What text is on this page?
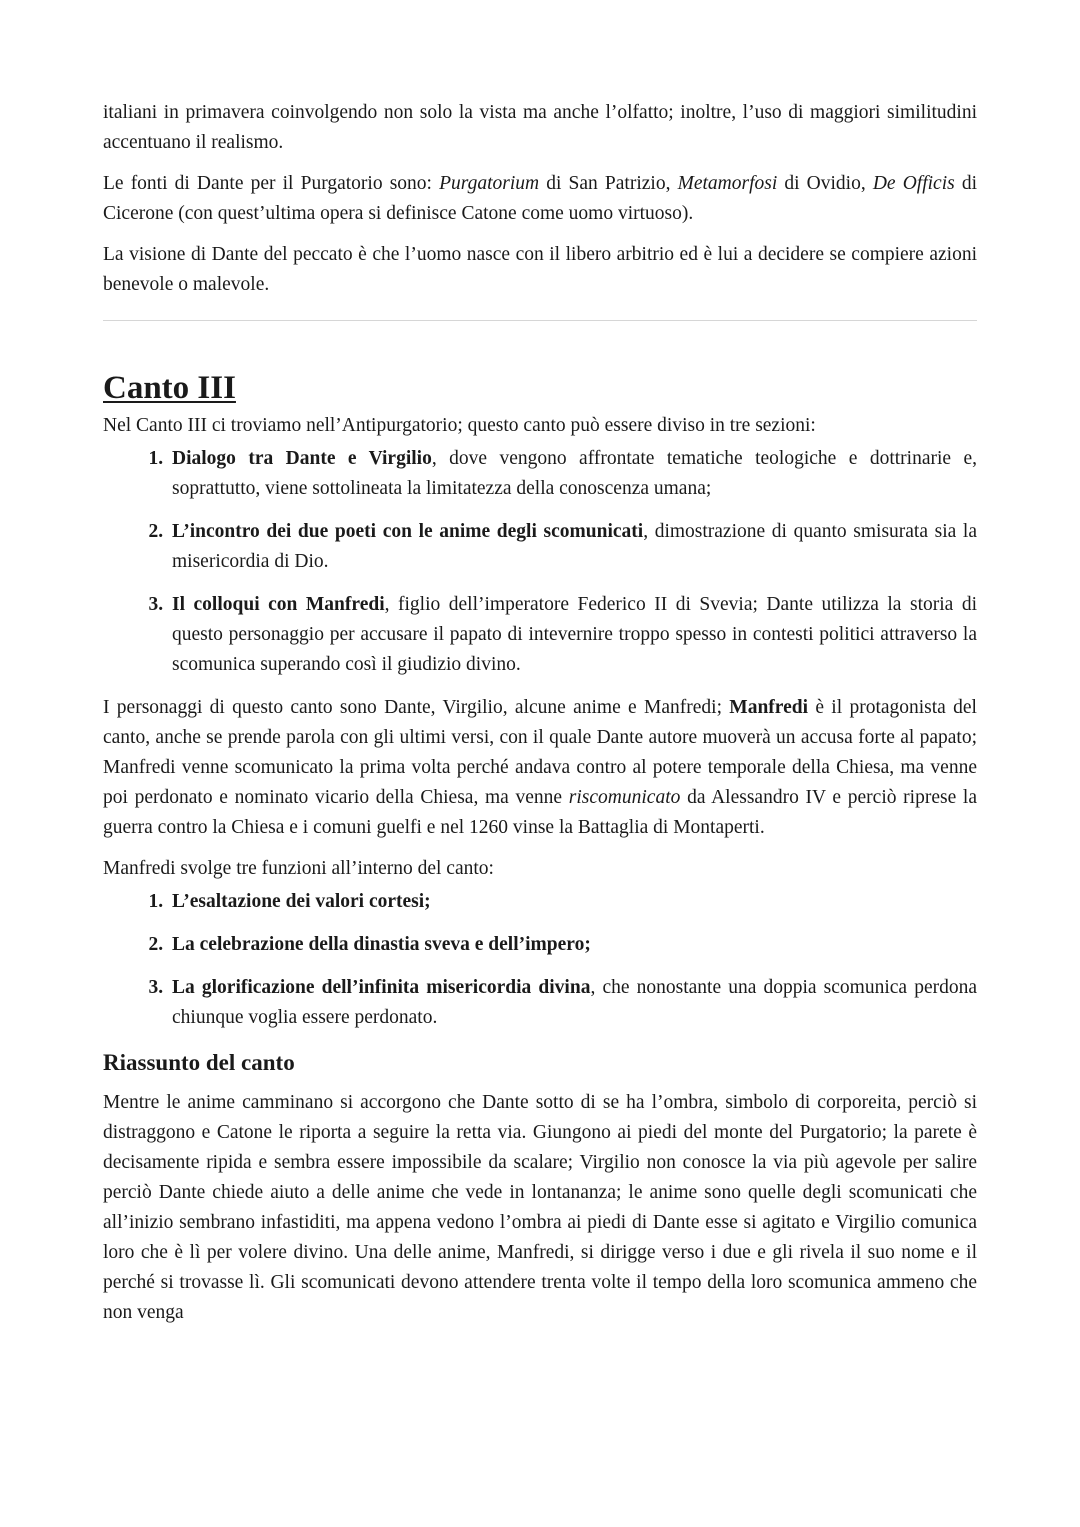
italiani in primavera coinvolgendo non solo la vista ma anche l’olfatto; inoltre, l’uso di maggiori similitudini accentuano il realismo.

Le fonti di Dante per il Purgatorio sono: Purgatorium di San Patrizio, Metamorfosi di Ovidio, De Officis di Cicerone (con quest’ultima opera si definisce Catone come uomo virtuoso).

La visione di Dante del peccato è che l’uomo nasce con il libero arbitrio ed è lui a decidere se compiere azioni benevole o malevole.

Canto III

Nel Canto III ci troviamo nell’Antipurgatorio; questo canto può essere diviso in tre sezioni:

1. Dialogo tra Dante e Virgilio, dove vengono affrontate tematiche teologiche e dottrinarie e, soprattutto, viene sottolineata la limitatezza della conoscenza umana;
2. L’incontro dei due poeti con le anime degli scomunicati, dimostrazione di quanto smisurata sia la misericordia di Dio.
3. Il colloqui con Manfredi, figlio dell’imperatore Federico II di Svevia; Dante utilizza la storia di questo personaggio per accusare il papato di intevernire troppo spesso in contesti politici attraverso la scomunica superando così il giudizio divino.

I personaggi di questo canto sono Dante, Virgilio, alcune anime e Manfredi; Manfredi è il protagonista del canto, anche se prende parola con gli ultimi versi, con il quale Dante autore muoverà un accusa forte al papato; Manfredi venne scomunicato la prima volta perché andava contro al potere temporale della Chiesa, ma venne poi perdonato e nominato vicario della Chiesa, ma venne riscomunicato da Alessandro IV e perciò riprese la guerra contro la Chiesa e i comuni guelfi e nel 1260 vinse la Battaglia di Montaperti.

Manfredi svolge tre funzioni all’interno del canto:

1. L’esaltazione dei valori cortesi;
2. La celebrazione della dinastia sveva e dell’impero;
3. La glorificazione dell’infinita misericordia divina, che nonostante una doppia scomunica perdona chiunque voglia essere perdonato.
Riassunto del canto

Mentre le anime camminano si accorgono che Dante sotto di se ha l’ombra, simbolo di corporeita, perciò si distraggono e Catone le riporta a seguire la retta via. Giungono ai piedi del monte del Purgatorio; la parete è decisamente ripida e sembra essere impossibile da scalare; Virgilio non conosce la via più agevole per salire perciò Dante chiede aiuto a delle anime che vede in lontananza; le anime sono quelle degli scomunicati che all’inizio sembrano infastiditi, ma appena vedono l’ombra ai piedi di Dante esse si agitato e Virgilio comunica loro che è lì per volere divino. Una delle anime, Manfredi, si dirigge verso i due e gli rivela il suo nome e il perché si trovasse lì. Gli scomunicati devono attendere trenta volte il tempo della loro scomunica ammeno che non venga
